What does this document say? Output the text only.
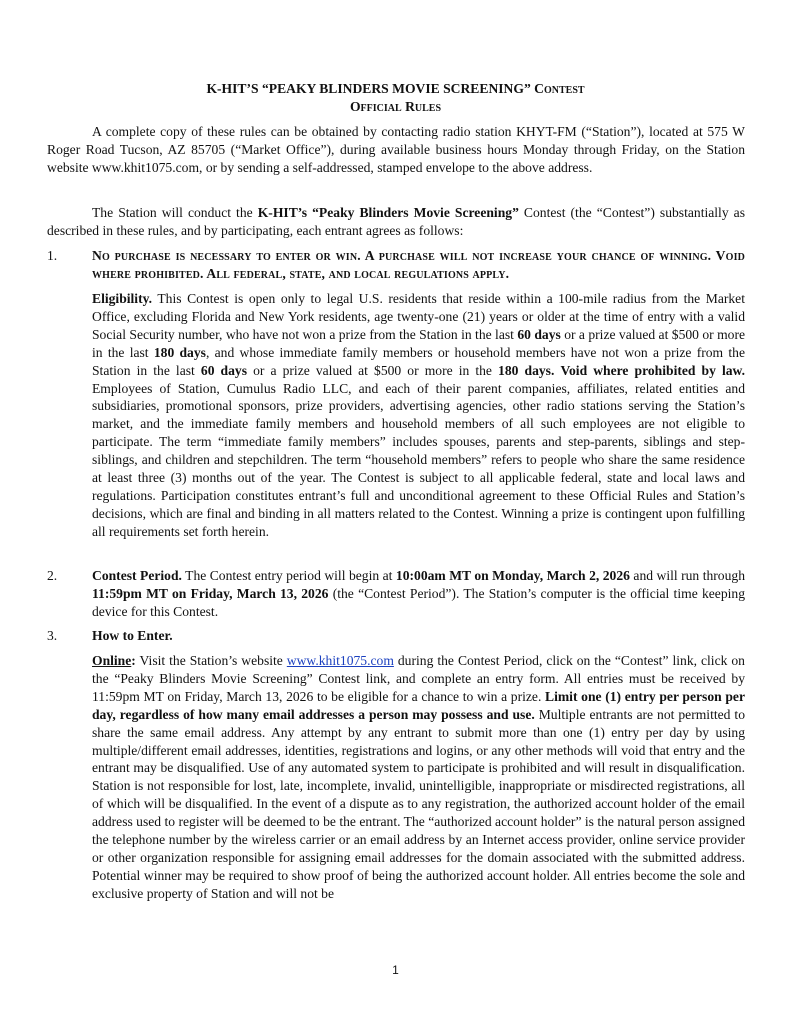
K-HIT’S “PEAKY BLINDERS MOVIE SCREENING” Contest
Official Rules
A complete copy of these rules can be obtained by contacting radio station KHYT-FM (“Station”), located at 575 W Roger Road Tucson, AZ 85705 (“Market Office”), during available business hours Monday through Friday, on the Station website www.khit1075.com, or by sending a self-addressed, stamped envelope to the above address.
The Station will conduct the K-HIT’s “Peaky Blinders Movie Screening” Contest (the “Contest”) substantially as described in these rules, and by participating, each entrant agrees as follows:
1.	No purchase is necessary to enter or win. A purchase will not increase your chance of winning. Void where prohibited. All federal, state, and local regulations apply.
Eligibility. This Contest is open only to legal U.S. residents that reside within a 100-mile radius from the Market Office, excluding Florida and New York residents, age twenty-one (21) years or older at the time of entry with a valid Social Security number, who have not won a prize from the Station in the last 60 days or a prize valued at $500 or more in the last 180 days, and whose immediate family members or household members have not won a prize from the Station in the last 60 days or a prize valued at $500 or more in the 180 days. Void where prohibited by law. Employees of Station, Cumulus Radio LLC, and each of their parent companies, affiliates, related entities and subsidiaries, promotional sponsors, prize providers, advertising agencies, other radio stations serving the Station’s market, and the immediate family members and household members of all such employees are not eligible to participate. The term “immediate family members” includes spouses, parents and step-parents, siblings and step-siblings, and children and stepchildren. The term “household members” refers to people who share the same residence at least three (3) months out of the year. The Contest is subject to all applicable federal, state and local laws and regulations. Participation constitutes entrant’s full and unconditional agreement to these Official Rules and Station’s decisions, which are final and binding in all matters related to the Contest. Winning a prize is contingent upon fulfilling all requirements set forth herein.
2.	Contest Period. The Contest entry period will begin at 10:00am MT on Monday, March 2, 2026 and will run through 11:59pm MT on Friday, March 13, 2026 (the “Contest Period”). The Station’s computer is the official time keeping device for this Contest.
3.	How to Enter.
Online: Visit the Station’s website www.khit1075.com during the Contest Period, click on the “Contest” link, click on the “Peaky Blinders Movie Screening” Contest link, and complete an entry form. All entries must be received by 11:59pm MT on Friday, March 13, 2026 to be eligible for a chance to win a prize. Limit one (1) entry per person per day, regardless of how many email addresses a person may possess and use. Multiple entrants are not permitted to share the same email address. Any attempt by any entrant to submit more than one (1) entry per day by using multiple/different email addresses, identities, registrations and logins, or any other methods will void that entry and the entrant may be disqualified. Use of any automated system to participate is prohibited and will result in disqualification. Station is not responsible for lost, late, incomplete, invalid, unintelligible, inappropriate or misdirected registrations, all of which will be disqualified. In the event of a dispute as to any registration, the authorized account holder of the email address used to register will be deemed to be the entrant. The “authorized account holder” is the natural person assigned the telephone number by the wireless carrier or an email address by an Internet access provider, online service provider or other organization responsible for assigning email addresses for the domain associated with the submitted address. Potential winner may be required to show proof of being the authorized account holder. All entries become the sole and exclusive property of Station and will not be
1
